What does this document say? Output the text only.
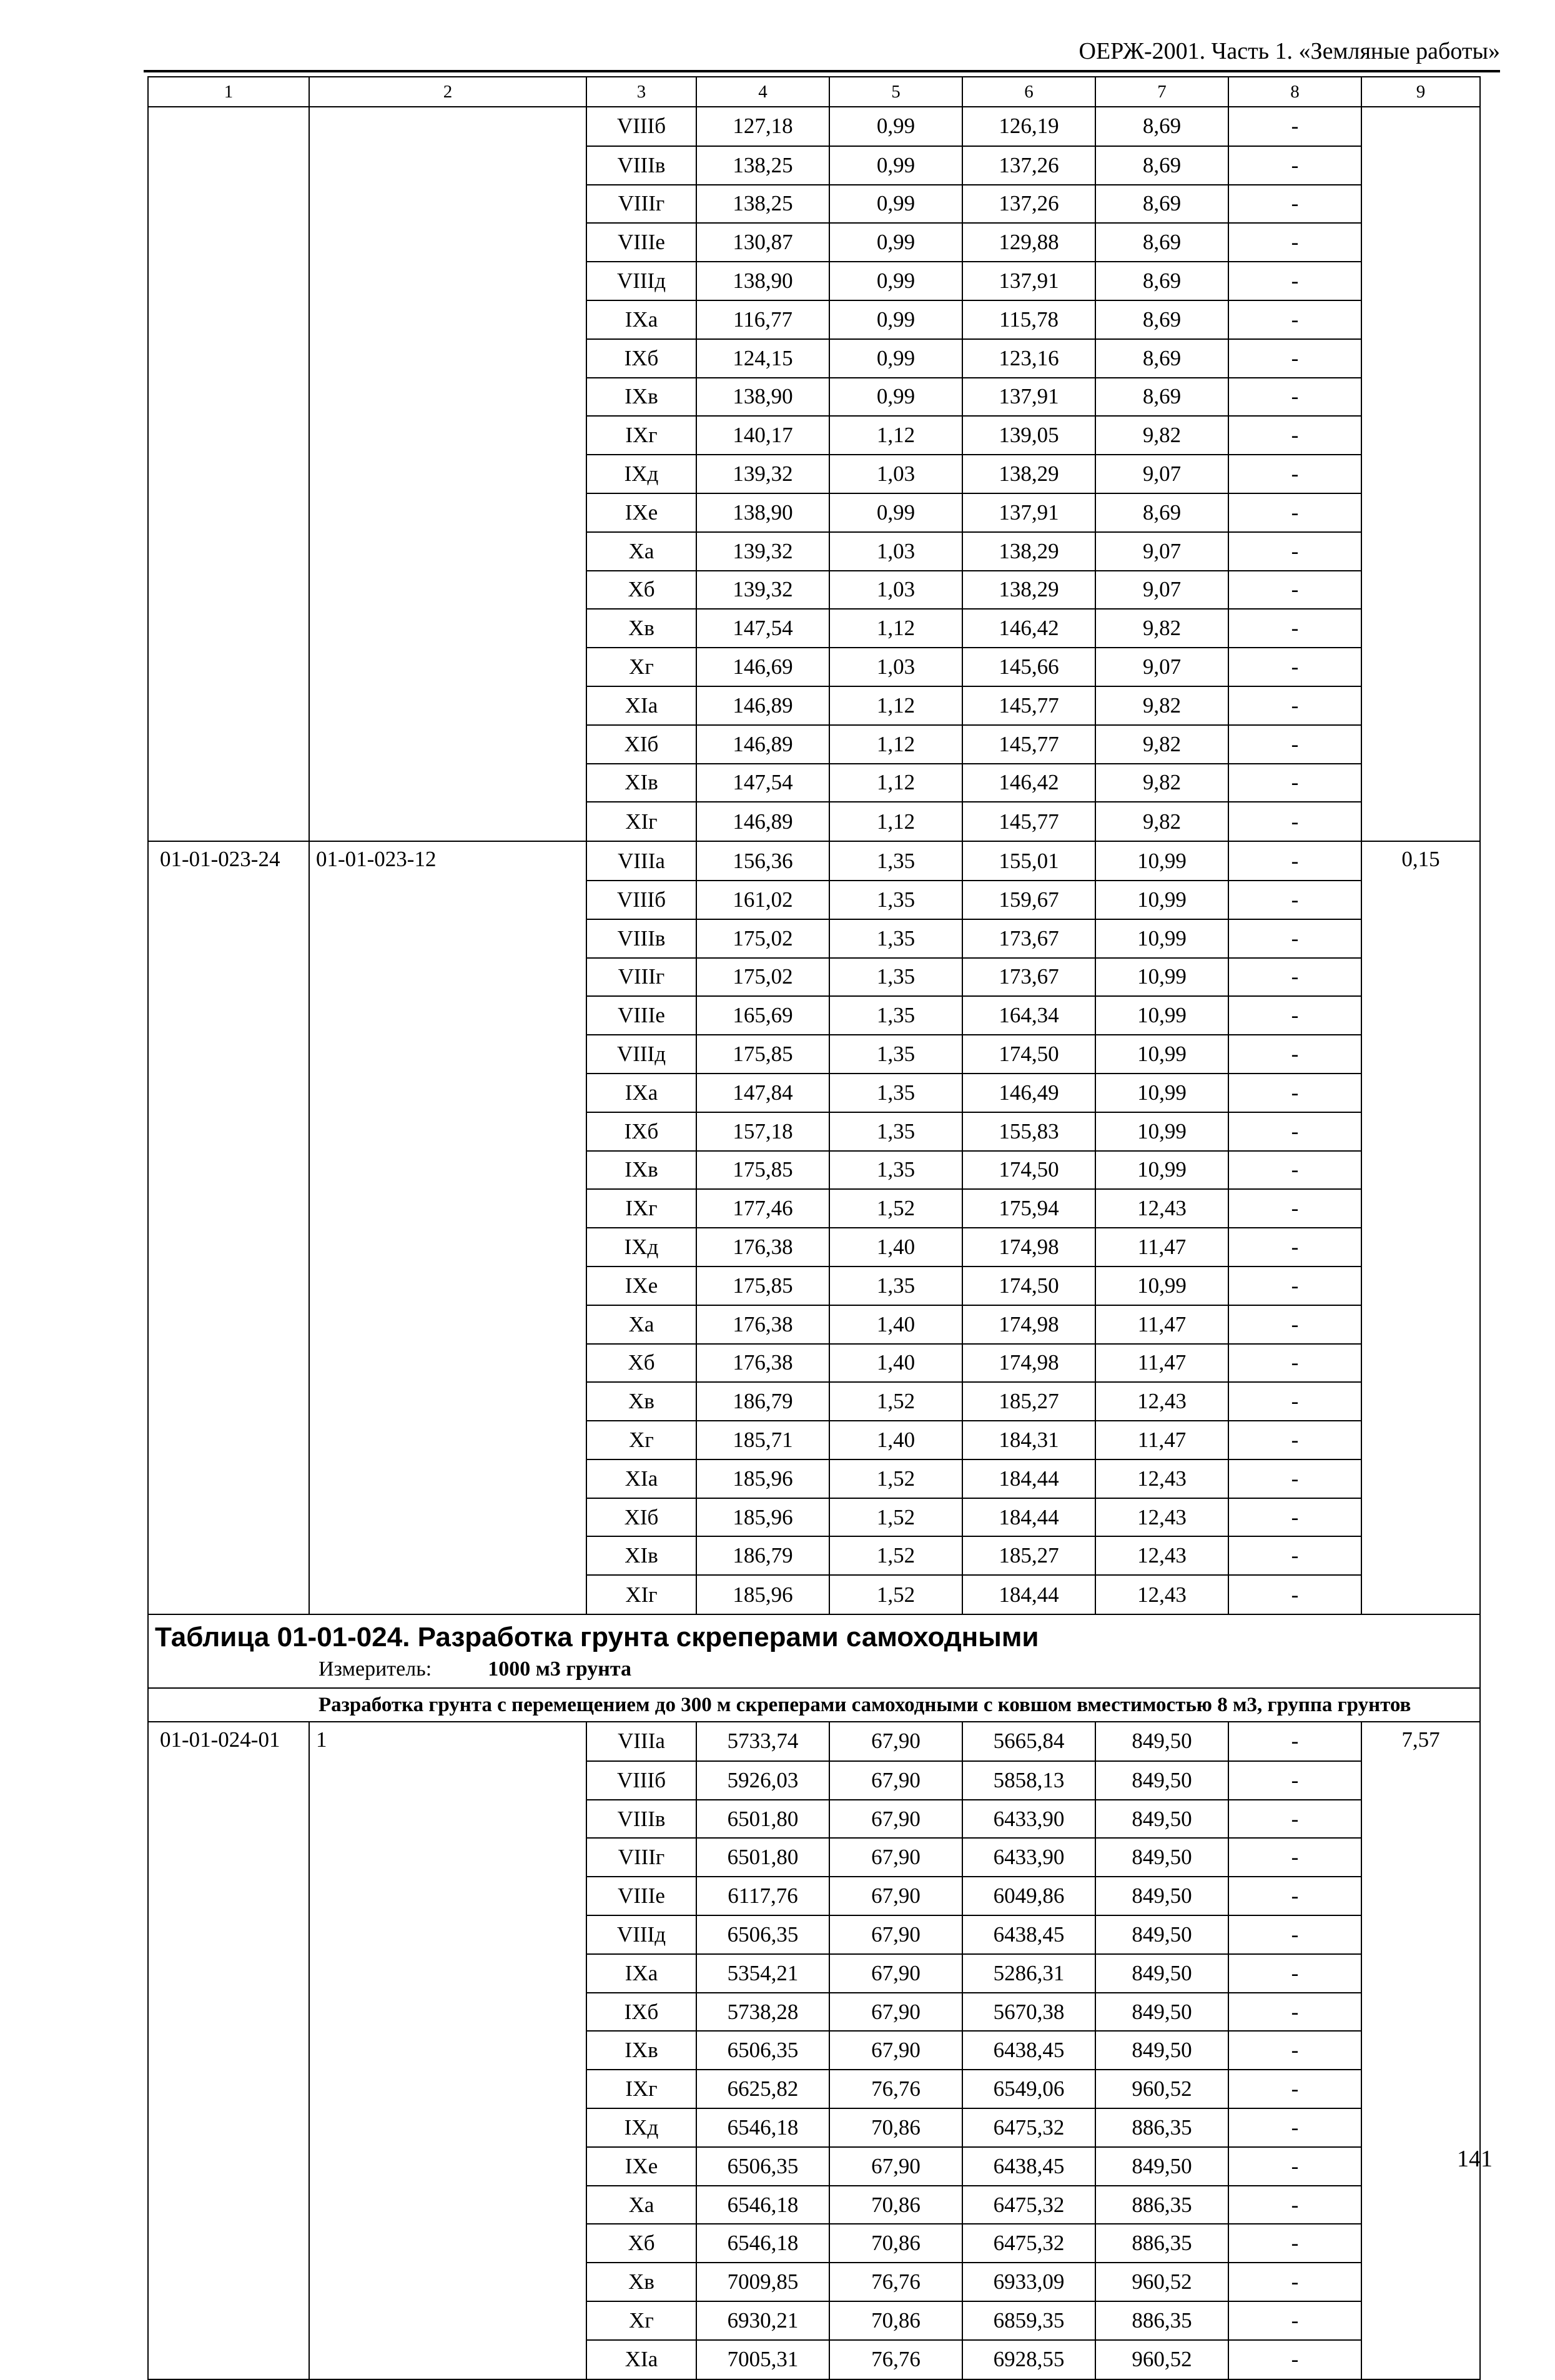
ОЕРЖ-2001. Часть 1. «Земляные работы»
1	2	3	4	5	6	7	8	9
		VIIIб	127,18	0,99	126,19	8,69	-	
		VIIIв	138,25	0,99	137,26	8,69	-	
		VIIIг	138,25	0,99	137,26	8,69	-	
		VIIIе	130,87	0,99	129,88	8,69	-	
		VIIIд	138,90	0,99	137,91	8,69	-	
		IXа	116,77	0,99	115,78	8,69	-	
		IXб	124,15	0,99	123,16	8,69	-	
		IXв	138,90	0,99	137,91	8,69	-	
		IXг	140,17	1,12	139,05	9,82	-	
		IXд	139,32	1,03	138,29	9,07	-	
		IXе	138,90	0,99	137,91	8,69	-	
		Xа	139,32	1,03	138,29	9,07	-	
		Xб	139,32	1,03	138,29	9,07	-	
		Xв	147,54	1,12	146,42	9,82	-	
		Xг	146,69	1,03	145,66	9,07	-	
		XIа	146,89	1,12	145,77	9,82	-	
		XIб	146,89	1,12	145,77	9,82	-	
		XIв	147,54	1,12	146,42	9,82	-	
		XIг	146,89	1,12	145,77	9,82	-	
01-01-023-24	01-01-023-12	VIIIа	156,36	1,35	155,01	10,99	-	0,15
		VIIIб	161,02	1,35	159,67	10,99	-	
		VIIIв	175,02	1,35	173,67	10,99	-	
		VIIIг	175,02	1,35	173,67	10,99	-	
		VIIIе	165,69	1,35	164,34	10,99	-	
		VIIIд	175,85	1,35	174,50	10,99	-	
		IXа	147,84	1,35	146,49	10,99	-	
		IXб	157,18	1,35	155,83	10,99	-	
		IXв	175,85	1,35	174,50	10,99	-	
		IXг	177,46	1,52	175,94	12,43	-	
		IXд	176,38	1,40	174,98	11,47	-	
		IXе	175,85	1,35	174,50	10,99	-	
		Xа	176,38	1,40	174,98	11,47	-	
		Xб	176,38	1,40	174,98	11,47	-	
		Xв	186,79	1,52	185,27	12,43	-	
		Xг	185,71	1,40	184,31	11,47	-	
		XIа	185,96	1,52	184,44	12,43	-	
		XIб	185,96	1,52	184,44	12,43	-	
		XIв	186,79	1,52	185,27	12,43	-	
		XIг	185,96	1,52	184,44	12,43	-	

Таблица 01-01-024. Разработка грунта скреперами самоходными
Измеритель: 1000 м3 грунта								

Разработка грунта с перемещением до 300 м скреперами самоходными с ковшом вместимостью 8 м3, группа грунтов								
01-01-024-01	1	VIIIа	5733,74	67,90	5665,84	849,50	-	7,57
		VIIIб	5926,03	67,90	5858,13	849,50	-	
		VIIIв	6501,80	67,90	6433,90	849,50	-	
		VIIIг	6501,80	67,90	6433,90	849,50	-	
		VIIIе	6117,76	67,90	6049,86	849,50	-	
		VIIIд	6506,35	67,90	6438,45	849,50	-	
		IXа	5354,21	67,90	5286,31	849,50	-	
		IXб	5738,28	67,90	5670,38	849,50	-	
		IXв	6506,35	67,90	6438,45	849,50	-	
		IXг	6625,82	76,76	6549,06	960,52	-	
		IXд	6546,18	70,86	6475,32	886,35	-	
		IXе	6506,35	67,90	6438,45	849,50	-	
		Xа	6546,18	70,86	6475,32	886,35	-	
		Xб	6546,18	70,86	6475,32	886,35	-	
		Xв	7009,85	76,76	6933,09	960,52	-	
		Xг	6930,21	70,86	6859,35	886,35	-	
		XIа	7005,31	76,76	6928,55	960,52	-	
141
